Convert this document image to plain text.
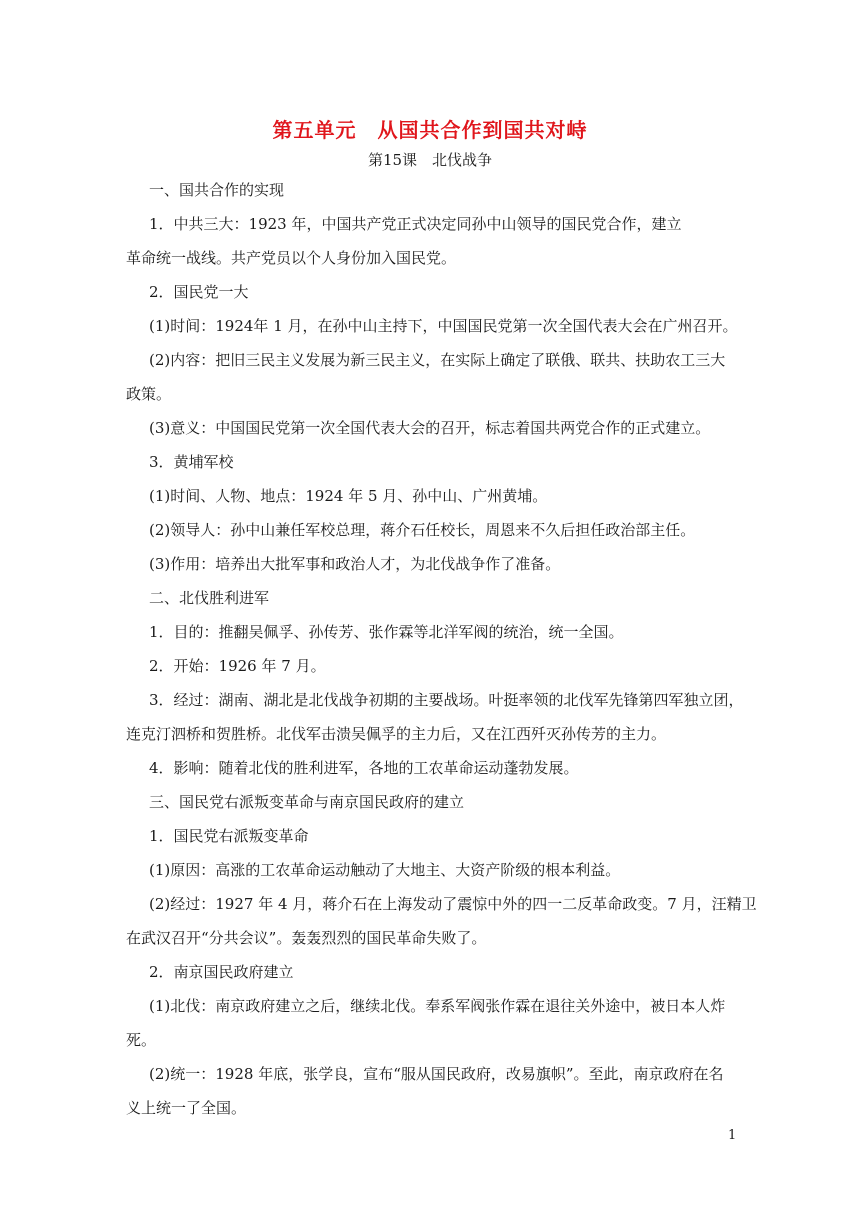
第五单元　从国共合作到国共对峙
第15课　北伐战争
一、国共合作的实现
1．中共三大：1923 年，中国共产党正式决定同孙中山领导的国民党合作，建立
革命统一战线。共产党员以个人身份加入国民党。
2．国民党一大
(1)时间：1924年 1 月，在孙中山主持下，中国国民党第一次全国代表大会在广州召开。
(2)内容：把旧三民主义发展为新三民主义，在实际上确定了联俄、联共、扶助农工三大
政策。
(3)意义：中国国民党第一次全国代表大会的召开，标志着国共两党合作的正式建立。
3．黄埔军校
(1)时间、人物、地点：1924 年 5 月、孙中山、广州黄埔。
(2)领导人：孙中山兼任军校总理，蒋介石任校长，周恩来不久后担任政治部主任。
(3)作用：培养出大批军事和政治人才，为北伐战争作了准备。
二、北伐胜利进军
1．目的：推翻吴佩孚、孙传芳、张作霖等北洋军阀的统治，统一全国。
2．开始：1926 年 7 月。
3．经过：湖南、湖北是北伐战争初期的主要战场。叶挺率领的北伐军先锋第四军独立团，
连克汀泗桥和贺胜桥。北伐军击溃吴佩孚的主力后，又在江西歼灭孙传芳的主力。
4．影响：随着北伐的胜利进军，各地的工农革命运动蓬勃发展。
三、国民党右派叛变革命与南京国民政府的建立
1．国民党右派叛变革命
(1)原因：高涨的工农革命运动触动了大地主、大资产阶级的根本利益。
(2)经过：1927 年 4 月，蒋介石在上海发动了震惊中外的四一二反革命政变。7 月，汪精卫
在武汉召开“分共会议”。轰轰烈烈的国民革命失败了。
2．南京国民政府建立
(1)北伐：南京政府建立之后，继续北伐。奉系军阀张作霖在退往关外途中，被日本人炸
死。
(2)统一：1928 年底，张学良，宣布“服从国民政府，改易旗帜”。至此，南京政府在名
义上统一了全国。
1
